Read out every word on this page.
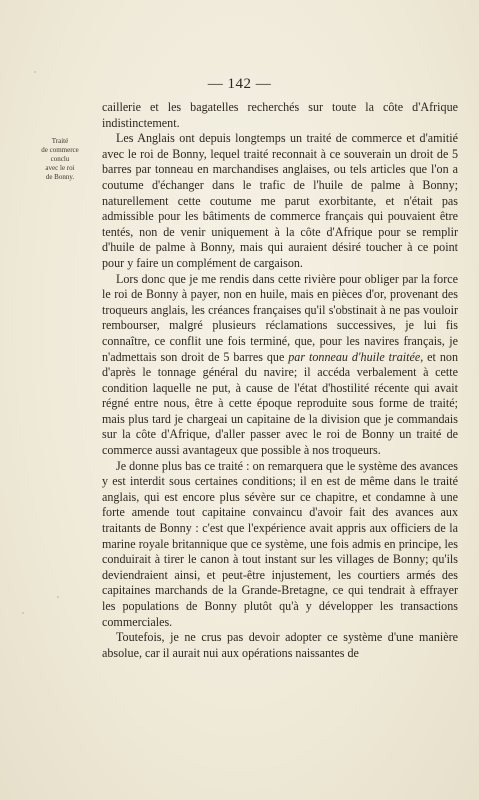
— 142 —
Traité
de commerce
conclu
avec le roi
de Bonny.

caillerie et les bagatelles recherchés sur toute la côte d'Afrique indistinctement.

Les Anglais ont depuis longtemps un traité de commerce et d'amitié avec le roi de Bonny, lequel traité reconnait à ce souverain un droit de 5 barres par tonneau en marchandises anglaises, ou tels articles que l'on a coutume d'échanger dans le trafic de l'huile de palme à Bonny; naturellement cette coutume me parut exorbitante, et n'était pas admissible pour les bâtiments de commerce français qui pouvaient être tentés, non de venir uniquement à la côte d'Afrique pour se remplir d'huile de palme à Bonny, mais qui auraient désiré toucher à ce point pour y faire un complément de cargaison.

Lors donc que je me rendis dans cette rivière pour obliger par la force le roi de Bonny à payer, non en huile, mais en pièces d'or, provenant des troqueurs anglais, les créances françaises qu'il s'obstinait à ne pas vouloir rembourser, malgré plusieurs réclamations successives, je lui fis connaître, ce conflit une fois terminé, que, pour les navires français, je n'admettais son droit de 5 barres que par tonneau d'huile traitée, et non d'après le tonnage général du navire; il accéda verbalement à cette condition laquelle ne put, à cause de l'état d'hostilité récente qui avait régné entre nous, être à cette époque reproduite sous forme de traité; mais plus tard je chargeai un capitaine de la division que je commandais sur la côte d'Afrique, d'aller passer avec le roi de Bonny un traité de commerce aussi avantageux que possible à nos troqueurs.

Je donne plus bas ce traité : on remarquera que le système des avances y est interdit sous certaines conditions; il en est de même dans le traité anglais, qui est encore plus sévère sur ce chapitre, et condamne à une forte amende tout capitaine convaincu d'avoir fait des avances aux traitants de Bonny : c'est que l'expérience avait appris aux officiers de la marine royale britannique que ce système, une fois admis en principe, les conduirait à tirer le canon à tout instant sur les villages de Bonny; qu'ils deviendraient ainsi, et peut-être injustement, les courtiers armés des capitaines marchands de la Grande-Bretagne, ce qui tendrait à effrayer les populations de Bonny plutôt qu'à y développer les transactions commerciales.

Toutefois, je ne crus pas devoir adopter ce système d'une manière absolue, car il aurait nui aux opérations naissantes de
